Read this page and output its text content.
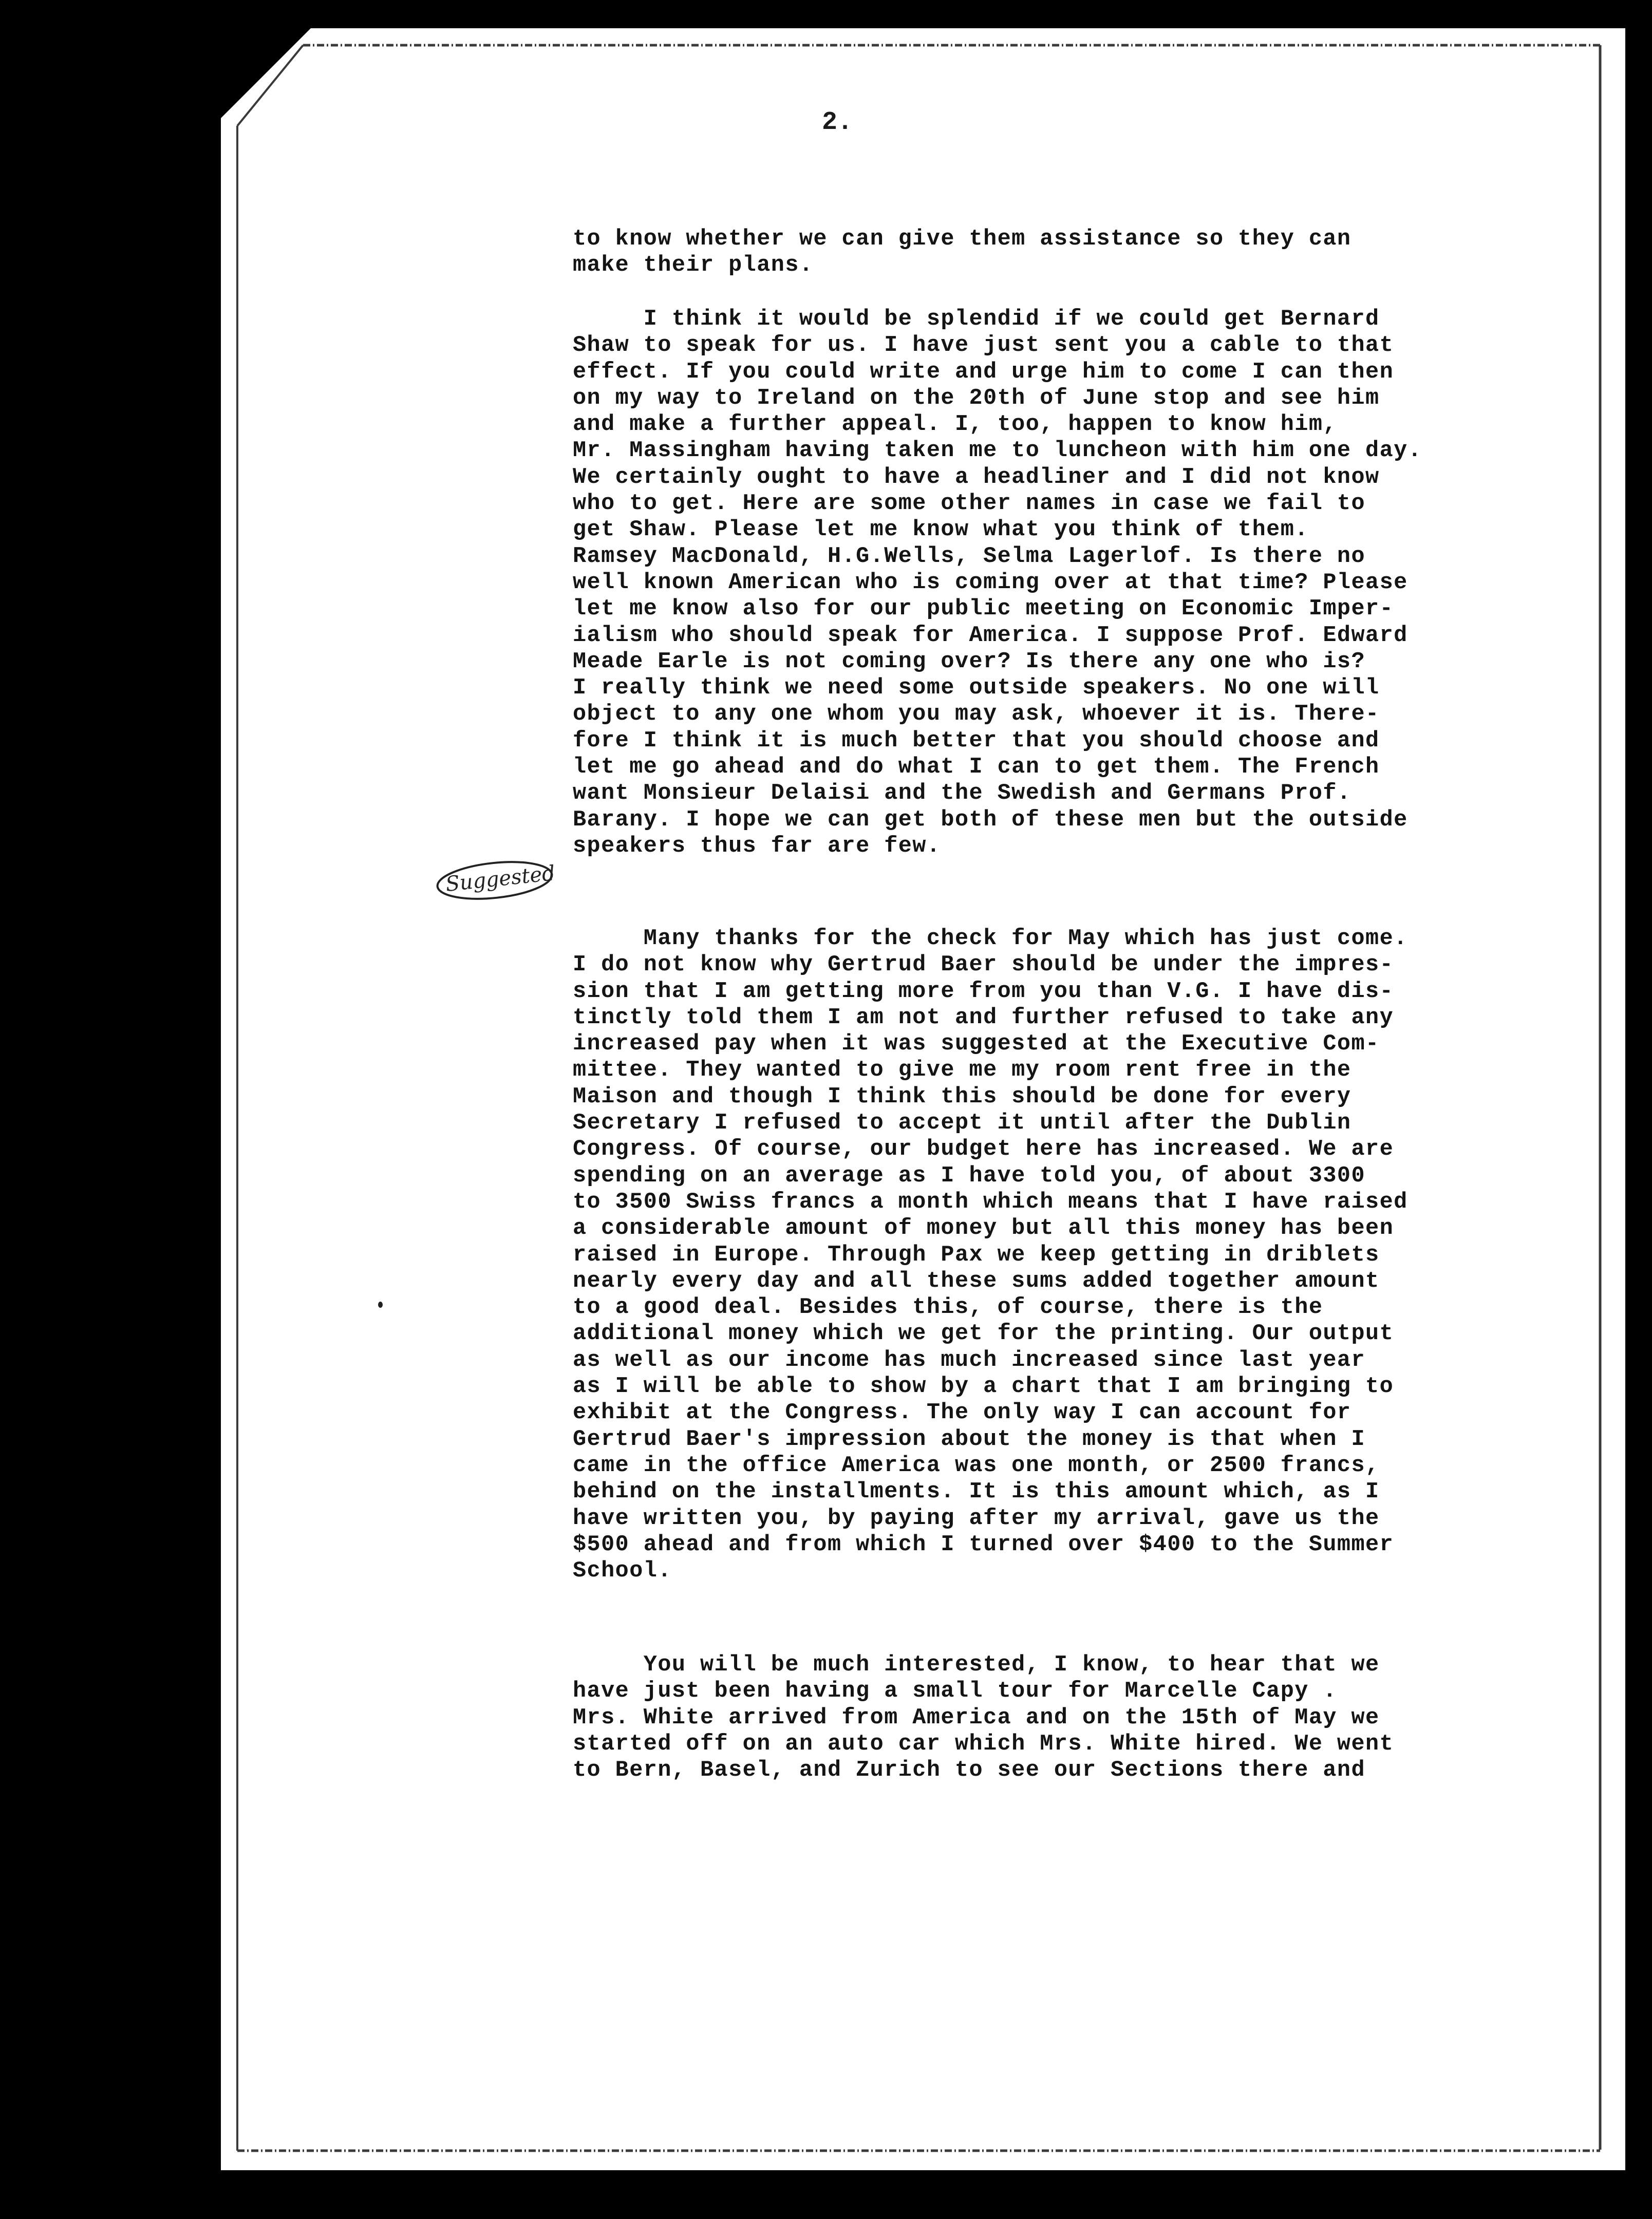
2.

to know whether we can give them assistance so they can
make their plans.

I think it would be splendid if we could get Bernard
Shaw to speak for us. I have just sent you a cable to that
effect. If you could write and urge him to come I can then
on my way to Ireland on the 20th of June stop and see him
and make a further appeal. I, too, happen to know him,
Mr. Massingham having taken me to luncheon with him one day.
We certainly ought to have a headliner and I did not know
who to get. Here are some other names in case we fail to
get Shaw. Please let me know what you think of them.
Ramsey MacDonald, H.G.Wells, Selma Lagerlof. Is there no
well known American who is coming over at that time? Please
let me know also for our public meeting on Economic Imper-
ialism who should speak for America. I suppose Prof. Edward
Meade Earle is not coming over? Is there any one who is?
I really think we need some outside speakers. No one will
object to any one whom you may ask, whoever it is. There-
fore I think it is much better that you should choose and
let me go ahead and do what I can to get them. The French
want Monsieur Delaisi and the Swedish and Germans Prof.
Barany. I hope we can get both of these men but the outside
speakers thus far are few.

Many thanks for the check for May which has just come.
I do not know why Gertrud Baer should be under the impres-
sion that I am getting more from you than V.G. I have dis-
tinctly told them I am not and further refused to take any
increased pay when it was suggested at the Executive Com-
mittee. They wanted to give me my room rent free in the
Maison and though I think this should be done for every
Secretary I refused to accept it until after the Dublin
Congress. Of course, our budget here has increased. We are
spending on an average as I have told you, of about 3300
to 3500 Swiss francs a month which means that I have raised
a considerable amount of money but all this money has been
raised in Europe. Through Pax we keep getting in driblets
nearly every day and all these sums added together amount
to a good deal. Besides this, of course, there is the
additional money which we get for the printing. Our output
as well as our income has much increased since last year
as I will be able to show by a chart that I am bringing to
exhibit at the Congress. The only way I can account for
Gertrud Baer's impression about the money is that when I
came in the office America was one month, or 2500 francs,
behind on the installments. It is this amount which, as I
have written you, by paying after my arrival, gave us the
$500 ahead and from which I turned over $400 to the Summer
School.

You will be much interested, I know, to hear that we
have just been having a small tour for Marcelle Capy .
Mrs. White arrived from America and on the 15th of May we
started off on an auto car which Mrs. White hired. We went
to Bern, Basel, and Zurich to see our Sections there and

Suggested
